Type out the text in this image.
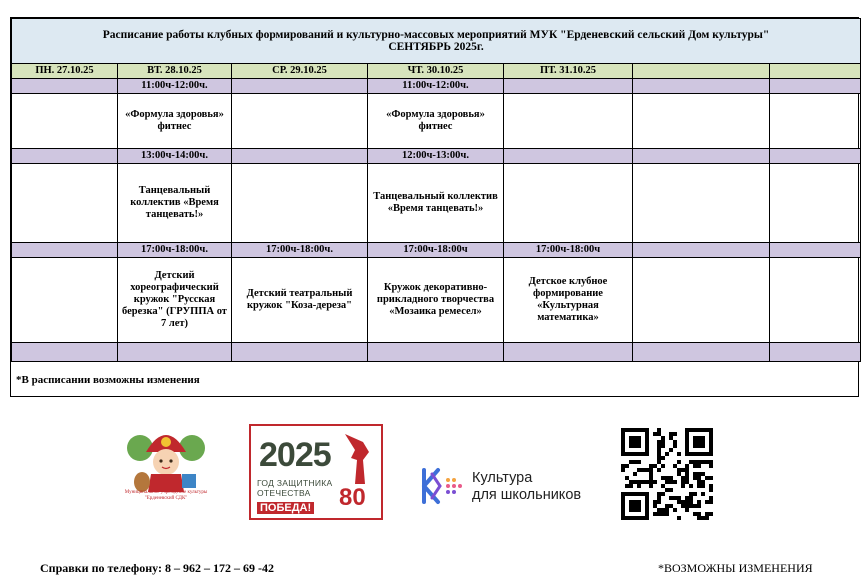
Расписание работы клубных формирований и культурно-массовых мероприятий МУК "Ерденевский сельский Дом культуры"
СЕНТЯБРЬ 2025г.						

ПН. 27.10.25	ВТ. 28.10.25	СР. 29.10.25	ЧТ. 30.10.25	ПТ. 31.10.25		
	11:00ч-12:00ч.		11:00ч-12:00ч.			
	«Формула здоровья» фитнес		«Формула здоровья» фитнес			
	13:00ч-14:00ч.		12:00ч-13:00ч.			
	Танцевальный коллектив «Время танцевать!»		Танцевальный коллектив «Время танцевать!»			
	17:00ч-18:00ч.	17:00ч-18:00ч.	17:00ч-18:00ч	17:00ч-18:00ч		
	Детский хореографический кружок "Русская березка" (ГРУППА от 7 лет)	Детский театральный кружок "Коза-дереза"	Кружок декоративно-прикладного творчества «Мозаика ремесел»	Детское клубное формирование «Культурная математика»		

*В расписании возможны изменения
Муниципальное учреждение культуры "Ерденевский СДК"
2025
ГОД ЗАЩИТНИКА
ОТЕЧЕСТВА	80
ПОБЕДА!
Культура
для школьников
Справки по телефону: 8 – 962 – 172 – 69 -42	*ВОЗМОЖНЫ ИЗМЕНЕНИЯ
